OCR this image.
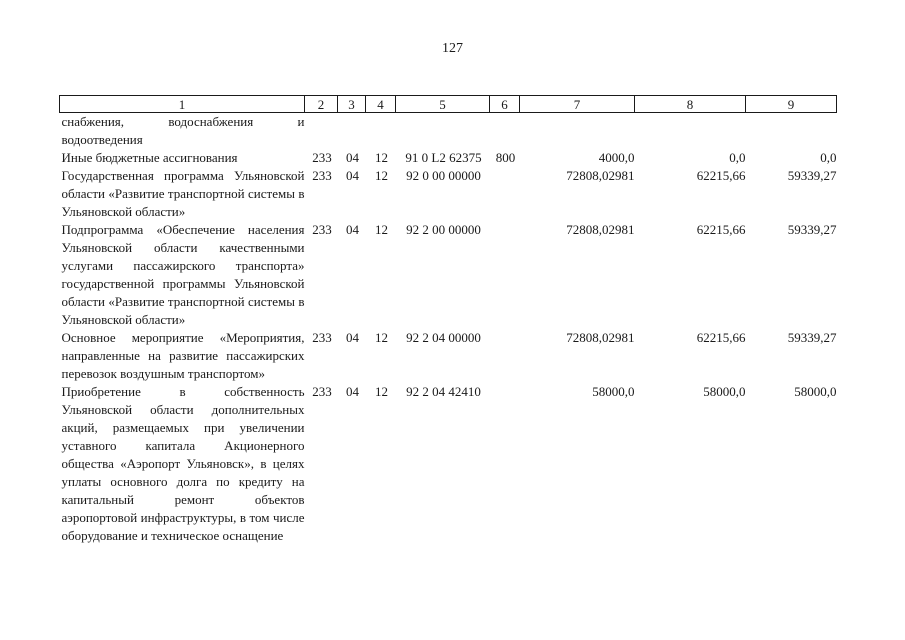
127
1	2	3	4	5	6	7	8	9
снабжения, водоснабжения и водоотведения								
Иные бюджетные ассигнования	233	04	12	91 0 L2 62375	800	4000,0	0,0	0,0
Государственная программа Ульяновской области «Развитие транспортной системы в Ульяновской области»	233	04	12	92 0 00 00000		72808,02981	62215,66	59339,27
Подпрограмма «Обеспечение населения Ульяновской области качественными услугами пассажирского транспорта» государственной программы Ульяновской области «Развитие транспортной системы в Ульяновской области»	233	04	12	92 2 00 00000		72808,02981	62215,66	59339,27
Основное мероприятие «Мероприятия, направленные на развитие пассажирских перевозок воздушным транспортом»	233	04	12	92 2 04 00000		72808,02981	62215,66	59339,27
Приобретение в собственность Ульяновской области дополнительных акций, размещаемых при увеличении уставного капитала Акционерного общества «Аэропорт Ульяновск», в целях уплаты основного долга по кредиту на капитальный ремонт объектов аэропортовой инфраструктуры, в том числе оборудование и техническое оснащение	233	04	12	92 2 04 42410		58000,0	58000,0	58000,0
